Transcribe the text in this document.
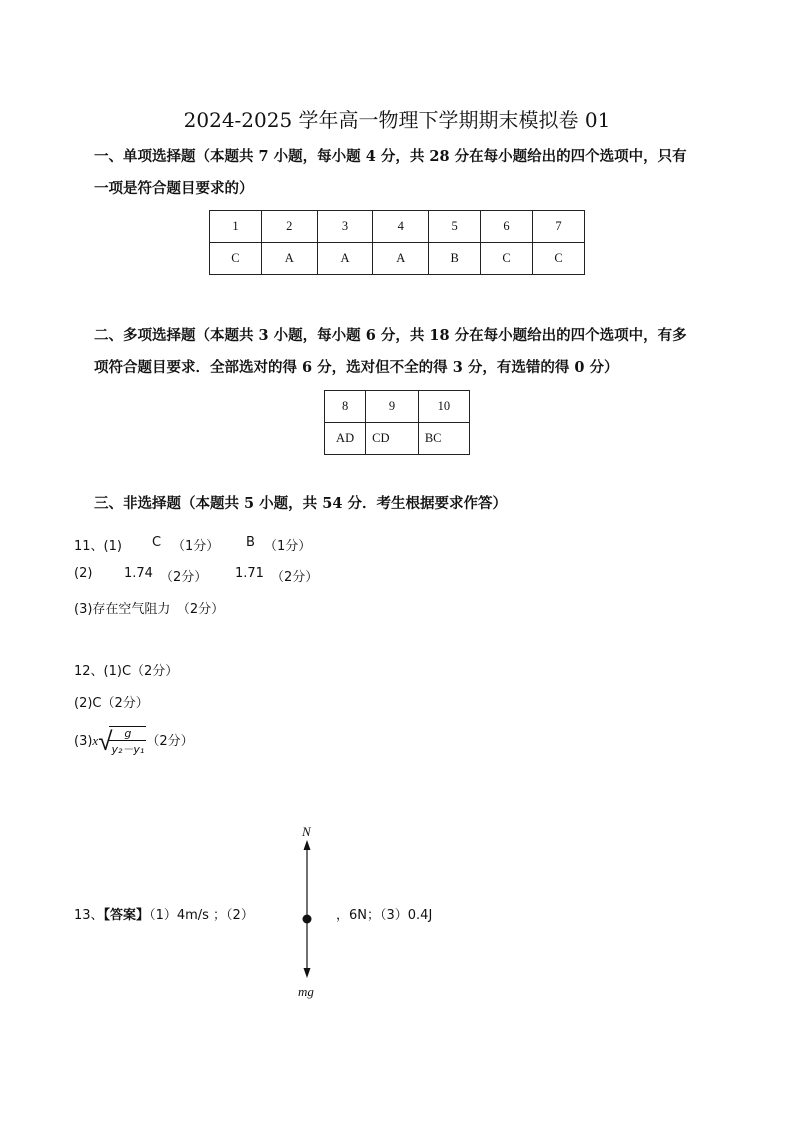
2024-2025 学年高一物理下学期期末模拟卷 01
一、单项选择题（本题共 7 小题，每小题 4 分，共 28 分在每小题给出的四个选项中，只有
一项是符合题目要求的）
1	2	3	4	5	6	7
C	A	A	A	B	C	C
二、多项选择题（本题共 3 小题，每小题 6 分，共 18 分在每小题给出的四个选项中，有多
项符合题目要求．全部选对的得 6 分，选对但不全的得 3 分，有选错的得 0 分）
8	9	10
AD	CD	BC
三、非选择题（本题共 5 小题，共 54 分．考生根据要求作答）
11、(1) C （1分） B （1分）
(2) 1.74 （2分） 1.71 （2分）
(3)存在空气阻力　（2分）
12、(1)C（2分）
(2)C（2分）
(3)x√
$\frac{g}{\text{y₂－y₁}} (2$分）
13、【答案】（1）4m/s ；（2）	，6N；（3）0.4J
N
mg
